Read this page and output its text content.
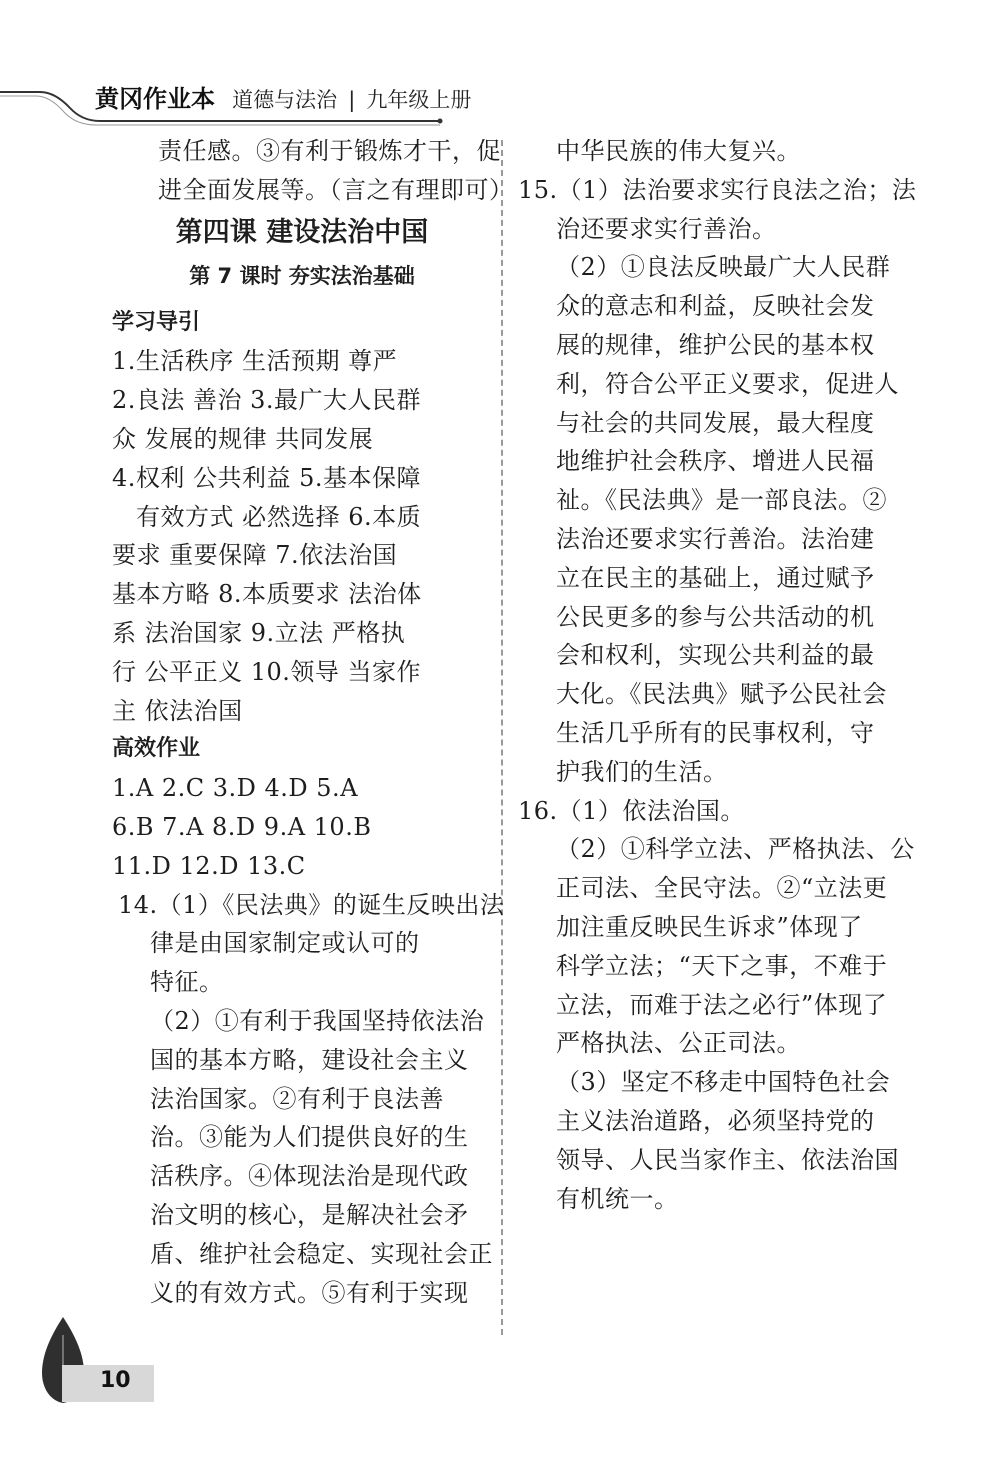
黄冈作业本 道德与法治 | 九年级上册
责任感。③有利于锻炼才干，促
进全面发展等。（言之有理即可）
第四课 建设法治中国
第 7 课时 夯实法治基础
学习导引
1.生活秩序 生活预期 尊严
2.良法 善治 3.最广大人民群
众 发展的规律 共同发展
4.权利 公共利益 5.基本保障
有效方式 必然选择 6.本质
要求 重要保障 7.依法治国
基本方略 8.本质要求 法治体
系 法治国家 9.立法 严格执
行 公平正义 10.领导 当家作
主 依法治国
高效作业
1.A 2.C 3.D 4.D 5.A
6.B 7.A 8.D 9.A 10.B
11.D 12.D 13.C
14.（1）《民法典》的诞生反映出法
律是由国家制定或认可的
特征。
（2）①有利于我国坚持依法治
国的基本方略，建设社会主义
法治国家。②有利于良法善
治。③能为人们提供良好的生
活秩序。④体现法治是现代政
治文明的核心，是解决社会矛
盾、维护社会稳定、实现社会正
义的有效方式。⑤有利于实现
中华民族的伟大复兴。
15.（1）法治要求实行良法之治；法
治还要求实行善治。
（2）①良法反映最广大人民群
众的意志和利益，反映社会发
展的规律，维护公民的基本权
利，符合公平正义要求，促进人
与社会的共同发展，最大程度
地维护社会秩序、增进人民福
祉。《民法典》是一部良法。②
法治还要求实行善治。法治建
立在民主的基础上，通过赋予
公民更多的参与公共活动的机
会和权利，实现公共利益的最
大化。《民法典》赋予公民社会
生活几乎所有的民事权利，守
护我们的生活。
16.（1）依法治国。
（2）①科学立法、严格执法、公
正司法、全民守法。②“立法更
加注重反映民生诉求”体现了
科学立法；“天下之事，不难于
立法，而难于法之必行”体现了
严格执法、公正司法。
（3）坚定不移走中国特色社会
主义法治道路，必须坚持党的
领导、人民当家作主、依法治国
有机统一。
10
